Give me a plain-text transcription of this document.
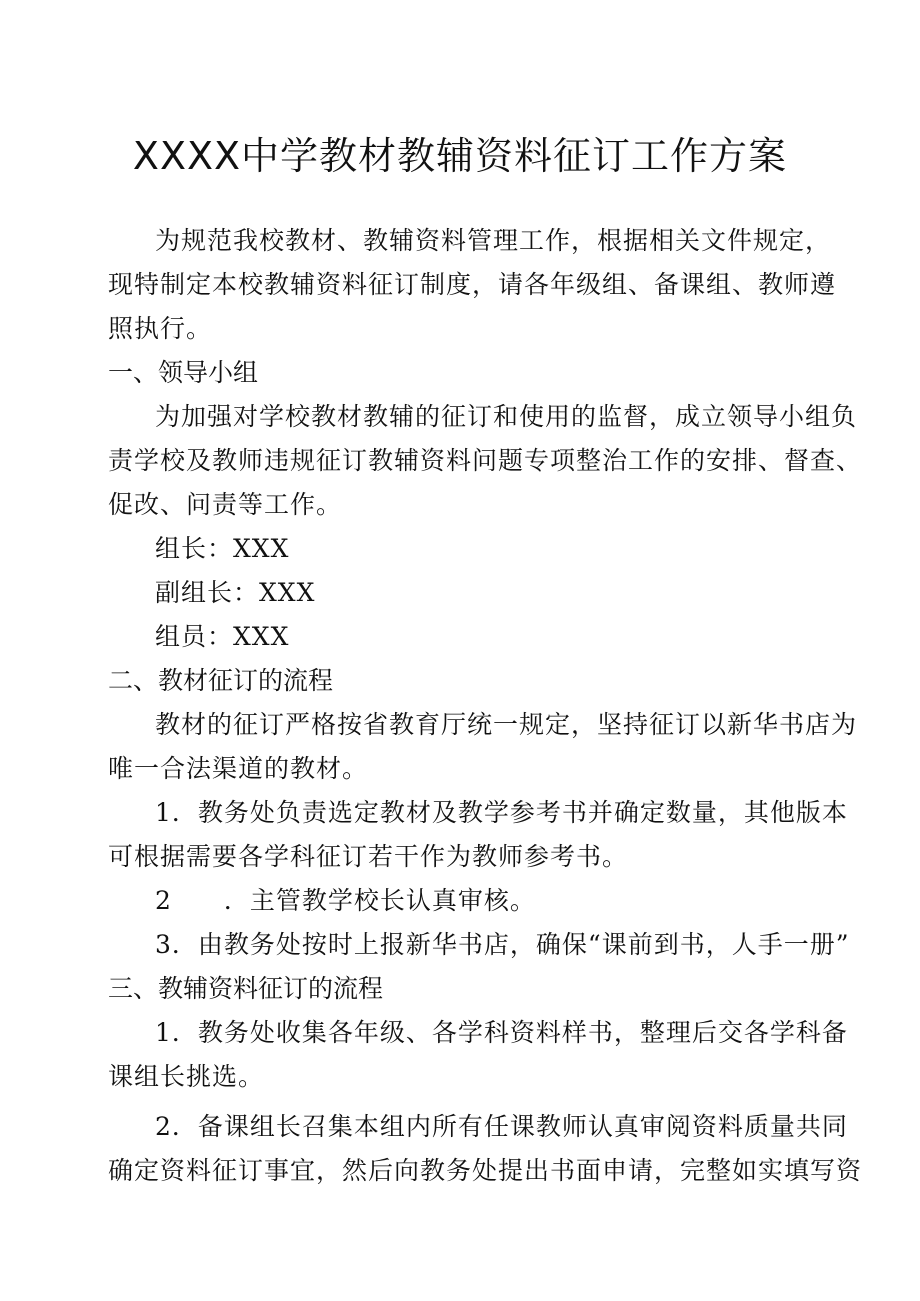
XXXX中学教材教辅资料征订工作方案
为规范我校教材、教辅资料管理工作，根据相关文件规定，
现特制定本校教辅资料征订制度，请各年级组、备课组、教师遵
照执行。
一、领导小组
为加强对学校教材教辅的征订和使用的监督，成立领导小组负
责学校及教师违规征订教辅资料问题专项整治工作的安排、督查、
促改、问责等工作。
组长：XXX
副组长：XXX
组员：XXX
二、教材征订的流程
教材的征订严格按省教育厅统一规定，坚持征订以新华书店为
唯一合法渠道的教材。
1．教务处负责选定教材及教学参考书并确定数量，其他版本
可根据需要各学科征订若干作为教师参考书。
2　　．主管教学校长认真审核。
3．由教务处按时上报新华书店，确保“课前到书，人手一册”
三、教辅资料征订的流程
1．教务处收集各年级、各学科资料样书，整理后交各学科备
课组长挑选。
2．备课组长召集本组内所有任课教师认真审阅资料质量共同
确定资料征订事宜，然后向教务处提出书面申请，完整如实填写资
